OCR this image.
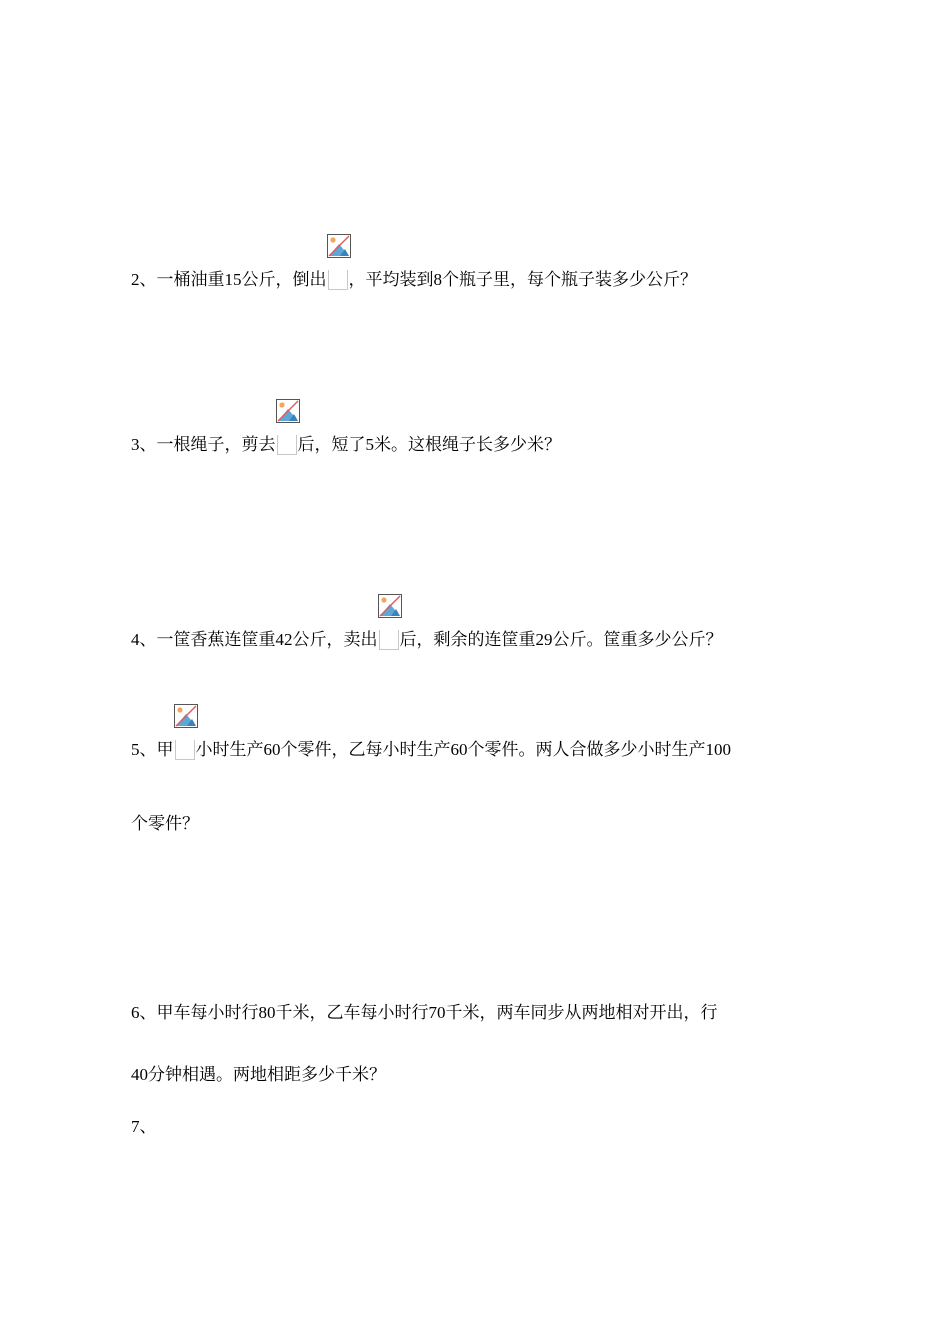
2、一桶油重15公斤，倒出 ，平均装到8个瓶子里，每个瓶子装多少公斤？
3、一根绳子，剪去 后，短了5米。这根绳子长多少米？
4、一筐香蕉连筐重42公斤，卖出 后，剩余的连筐重29公斤。筐重多少公斤？
5、甲 小时生产60个零件，乙每小时生产60个零件。两人合做多少小时生产100
个零件？
6、甲车每小时行80千米，乙车每小时行70千米，两车同步从两地相对开出，行
40分钟相遇。两地相距多少千米？
7、
